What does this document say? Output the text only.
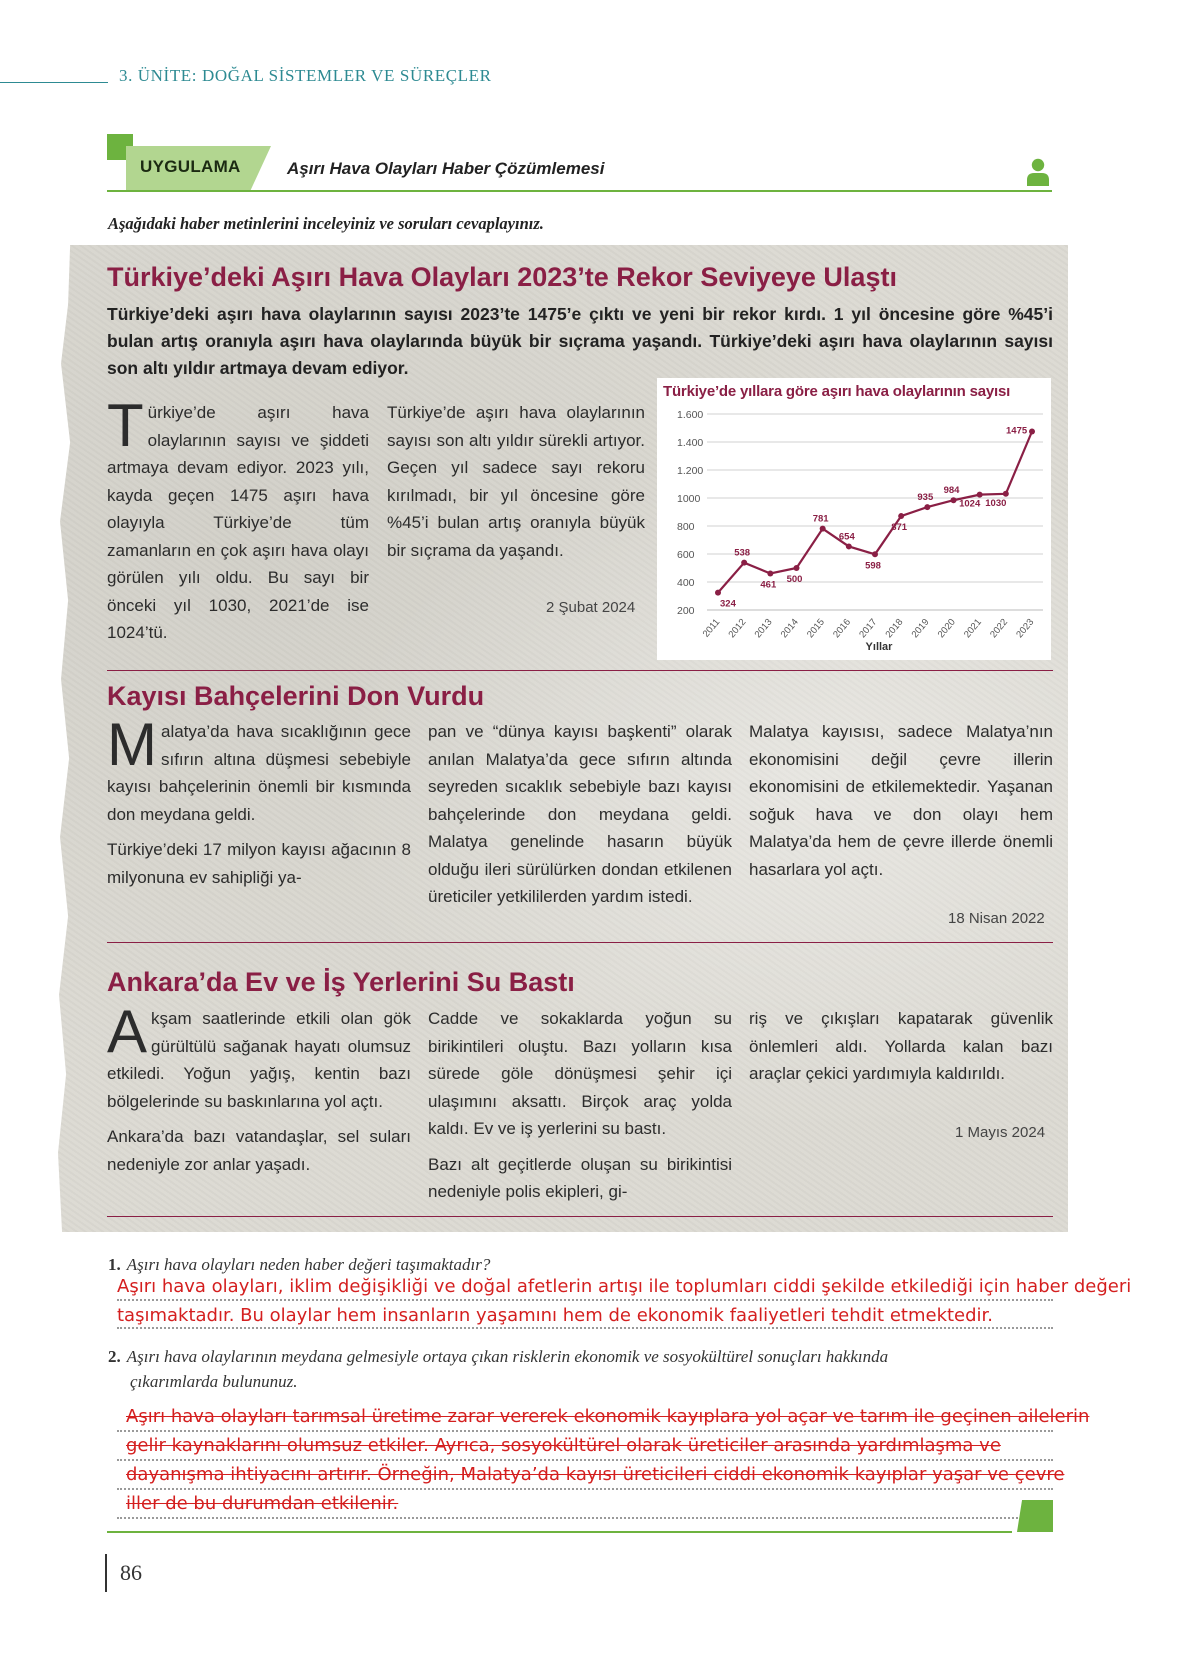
3. ÜNİTE: DOĞAL SİSTEMLER VE SÜREÇLER
UYGULAMA	Aşırı Hava Olayları Haber Çözümlemesi
Aşağıdaki haber metinlerini inceleyiniz ve soruları cevaplayınız.
Türkiye’deki Aşırı Hava Olayları 2023’te Rekor Seviyeye Ulaştı
Türkiye’deki aşırı hava olaylarının sayısı 2023’te 1475’e çıktı ve yeni bir rekor kırdı. 1 yıl öncesine göre %45’i bulan artış oranıyla aşırı hava olaylarında büyük bir sıçrama yaşandı. Türkiye’deki aşırı hava olaylarının sayısı son altı yıldır artmaya devam ediyor.
Türkiye’de aşırı hava olaylarının sayısı ve şiddeti artmaya devam ediyor. 2023 yılı, kayda geçen 1475 aşırı hava olayıyla Türkiye’de tüm zamanların en çok aşırı hava olayı görülen yılı oldu. Bu sayı bir önceki yıl 1030, 2021’de ise 1024’tü.
Türkiye’de aşırı hava olaylarının sayısı son altı yıldır sürekli artıyor. Geçen yıl sadece sayı rekoru kırılmadı, bir yıl öncesine göre %45’i bulan artış oranıyla büyük bir sıçrama da yaşandı.
2 Şubat 2024
Türkiye’de yıllara göre aşırı hava olaylarının sayısı
1.600
1.400
1.200
1000
800
600
400
200
2011 2012 2013 2014 2015 2016 2017 2018 2019 2020 2021 2022 2023
Yıllar
324
538
461 500
781
654
598
871
935
984
1024 1030
1475
Kayısı Bahçelerini Don Vurdu

Malatya’da hava sıcaklığının gece sıfırın altına düşmesi sebebiyle kayısı bahçelerinin önemli bir kısmında don meydana geldi.

Türkiye’deki 17 milyon kayısı ağacının 8 milyonuna ev sahipliği ya-

pan ve “dünya kayısı başkenti” olarak anılan Malatya’da gece sıfırın altında seyreden sıcaklık sebebiyle bazı kayısı bahçelerinde don meydana geldi. Malatya genelinde hasarın büyük olduğu ileri sürülürken dondan etkilenen üreticiler yetkililerden yardım istedi.
Malatya kayısısı, sadece Malatya’nın ekonomisini değil çevre illerin ekonomisini de etkilemektedir. Yaşanan soğuk hava ve don olayı hem Malatya’da hem de çevre illerde önemli hasarlara yol açtı.
18 Nisan 2022
Ankara’da Ev ve İş Yerlerini Su Bastı

Akşam saatlerinde etkili olan gök gürültülü sağanak hayatı olumsuz etkiledi. Yoğun yağış, kentin bazı bölgelerinde su baskınlarına yol açtı.

Ankara’da bazı vatandaşlar, sel suları nedeniyle zor anlar yaşadı.

Cadde ve sokaklarda yoğun su birikintileri oluştu. Bazı yolların kısa sürede göle dönüşmesi şehir içi ulaşımını aksattı. Birçok araç yolda kaldı. Ev ve iş yerlerini su bastı.

Bazı alt geçitlerde oluşan su birikintisi nedeniyle polis ekipleri, gi-

riş ve çıkışları kapatarak güvenlik önlemleri aldı. Yollarda kalan bazı araçlar çekici yardımıyla kaldırıldı.
1 Mayıs 2024
1. Aşırı hava olayları neden haber değeri taşımaktadır?
Aşırı hava olayları, iklim değişikliği ve doğal afetlerin artışı ile toplumları ciddi şekilde etkilediği için haber değeri
taşımaktadır. Bu olaylar hem insanların yaşamını hem de ekonomik faaliyetleri tehdit etmektedir.
2. Aşırı hava olaylarının meydana gelmesiyle ortaya çıkan risklerin ekonomik ve sosyokültürel sonuçları hakkında
çıkarımlarda bulununuz.
Aşırı hava olayları tarımsal üretime zarar vererek ekonomik kayıplara yol açar ve tarım ile geçinen ailelerin
gelir kaynaklarını olumsuz etkiler. Ayrıca, sosyokültürel olarak üreticiler arasında yardımlaşma ve
dayanışma ihtiyacını artırır. Örneğin, Malatya’da kayısı üreticileri ciddi ekonomik kayıplar yaşar ve çevre
iller de bu durumdan etkilenir.
86
